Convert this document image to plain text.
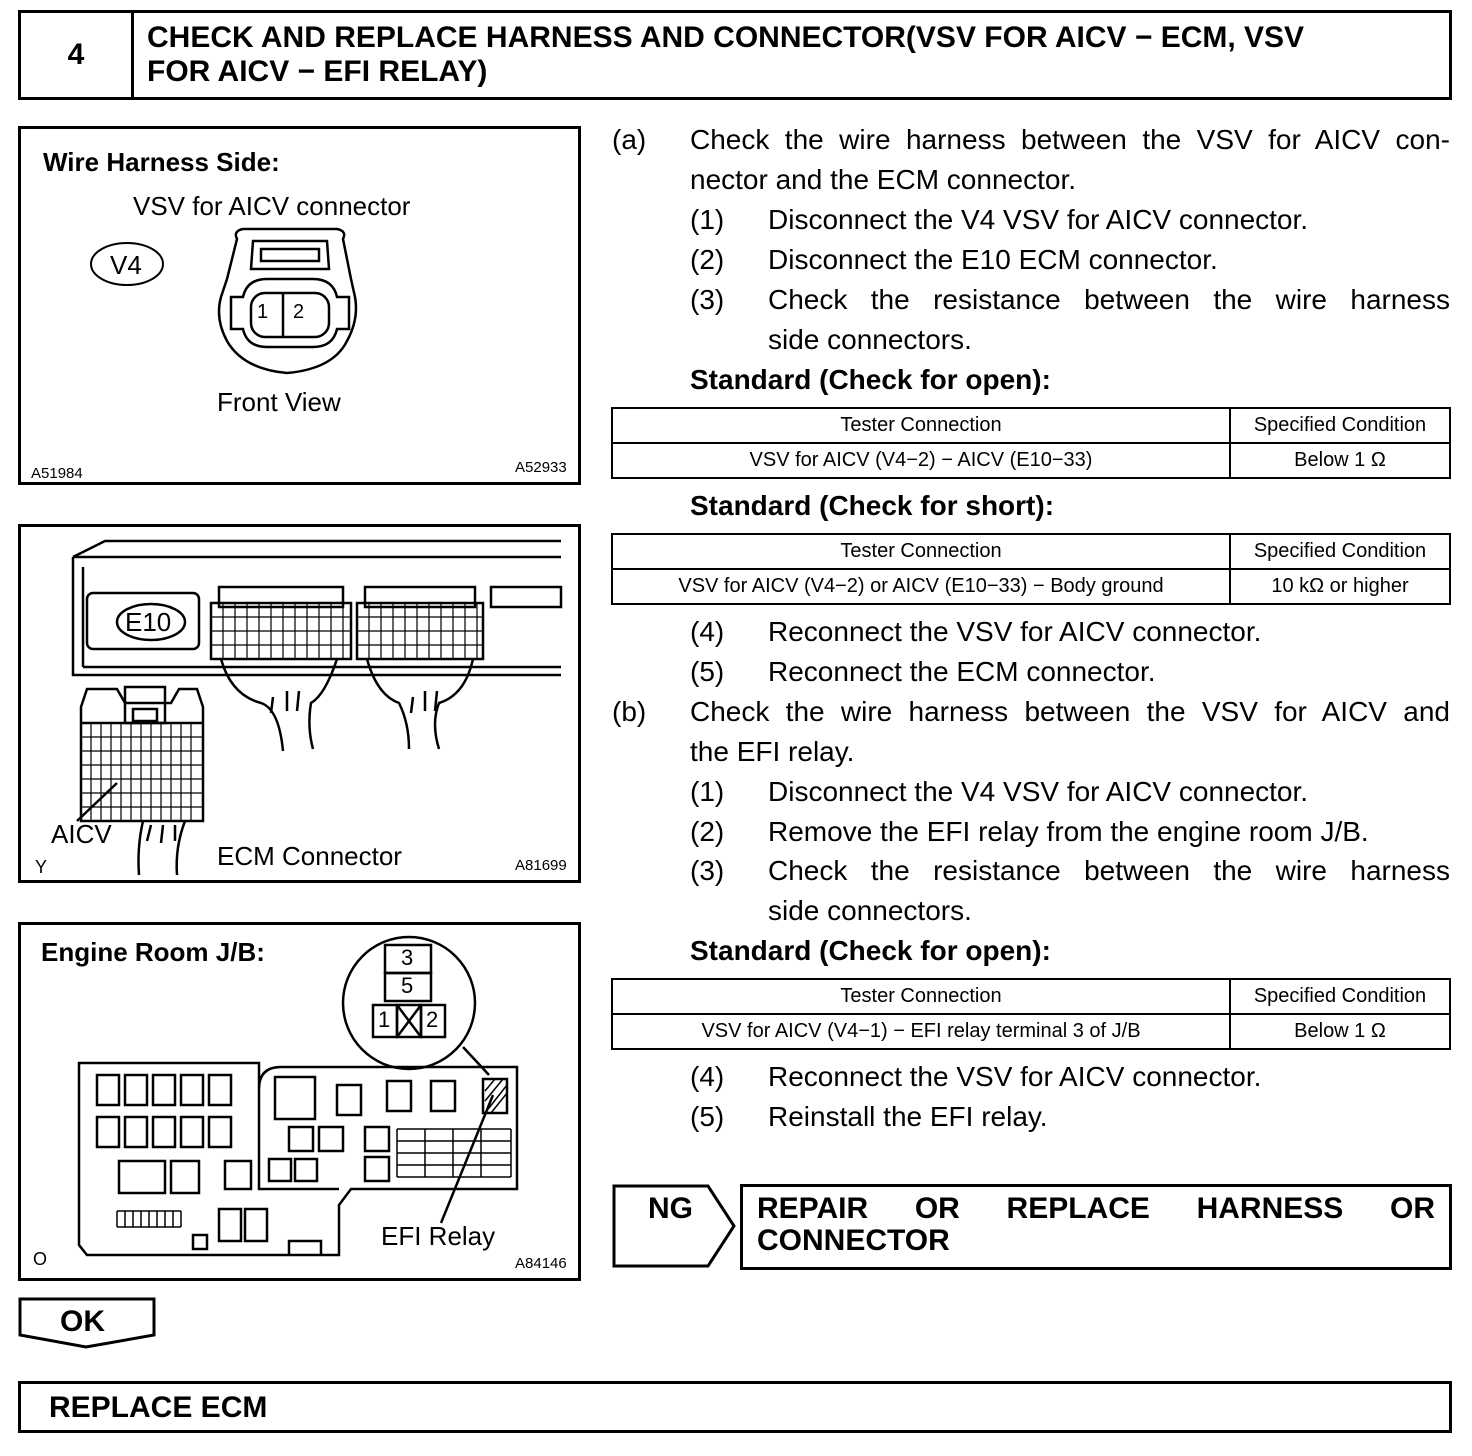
4
CHECK AND REPLACE HARNESS AND CONNECTOR(VSV FOR AICV − ECM, VSV
FOR AICV − EFI RELAY)
Wire Harness Side:
VSV for AICV connector
V4
1 2
Front View
A51984	A52933
E10
AICV
ECM Connector
Y	A81699
Engine Room J/B:	3
5
1 2
EFI Relay
O	A84146
(a) Check the wire harness between the VSV for AICV con-
nector and the ECM connector.
(1) Disconnect the V4 VSV for AICV connector.
(2) Disconnect the E10 ECM connector.
(3) Check the resistance between the wire harness
side connectors.
Standard (Check for open):
Tester Connection	Specified Condition
VSV for AICV (V4−2) − AICV (E10−33)	Below 1 Ω
Standard (Check for short):
Tester Connection	Specified Condition
VSV for AICV (V4−2) or AICV (E10−33) − Body ground	10 kΩ or higher
(4) Reconnect the VSV for AICV connector.
(5) Reconnect the ECM connector.
(b) Check the wire harness between the VSV for AICV and
the EFI relay.
(1) Disconnect the V4 VSV for AICV connector.
(2) Remove the EFI relay from the engine room J/B.
(3) Check the resistance between the wire harness
side connectors.
Standard (Check for open):
Tester Connection	Specified Condition
VSV for AICV (V4−1) − EFI relay terminal 3 of J/B	Below 1 Ω
(4) Reconnect the VSV for AICV connector.
(5) Reinstall the EFI relay.
NG REPAIR OR REPLACE HARNESS OR
CONNECTOR
OK
REPLACE ECM
